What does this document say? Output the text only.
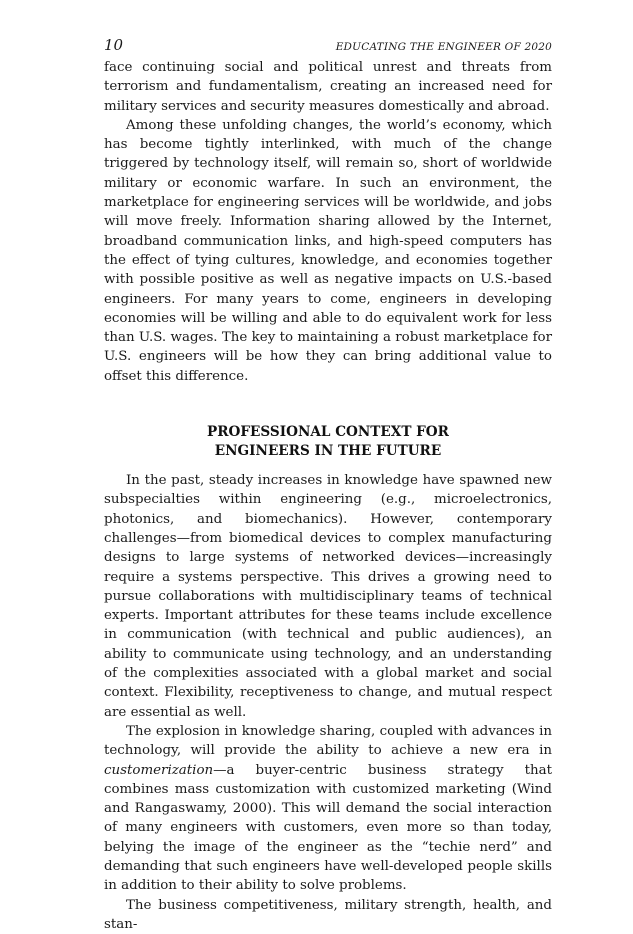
10	EDUCATING THE ENGINEER OF 2020

face continuing social and political unrest and threats from terrorism and fundamentalism, creating an increased need for military services and security measures domestically and abroad.

Among these unfolding changes, the world’s economy, which has become tightly interlinked, with much of the change triggered by technology itself, will remain so, short of worldwide military or economic warfare. In such an environment, the marketplace for engineering services will be worldwide, and jobs will move freely. Information sharing allowed by the Internet, broadband communication links, and high-speed computers has the effect of tying cultures, knowledge, and economies together with possible positive as well as negative impacts on U.S.-based engineers. For many years to come, engineers in developing economies will be willing and able to do equivalent work for less than U.S. wages. The key to maintaining a robust marketplace for U.S. engineers will be how they can bring additional value to offset this difference.

PROFESSIONAL CONTEXT FOR
ENGINEERS IN THE FUTURE

In the past, steady increases in knowledge have spawned new subspecialties within engineering (e.g., microelectronics, photonics, and biomechanics). However, contemporary challenges—from biomedical devices to complex manufacturing designs to large systems of networked devices—increasingly require a systems perspective. This drives a growing need to pursue collaborations with multidisciplinary teams of technical experts. Important attributes for these teams include excellence in communication (with technical and public audiences), an ability to communicate using technology, and an understanding of the complexities associated with a global market and social context. Flexibility, receptiveness to change, and mutual respect are essential as well.

The explosion in knowledge sharing, coupled with advances in technology, will provide the ability to achieve a new era in customerization—a buyer-centric business strategy that combines mass customization with customized marketing (Wind and Rangaswamy, 2000). This will demand the social interaction of many engineers with customers, even more so than today, belying the image of the engineer as the “techie nerd” and demanding that such engineers have well-developed people skills in addition to their ability to solve problems.

The business competitiveness, military strength, health, and stan-
